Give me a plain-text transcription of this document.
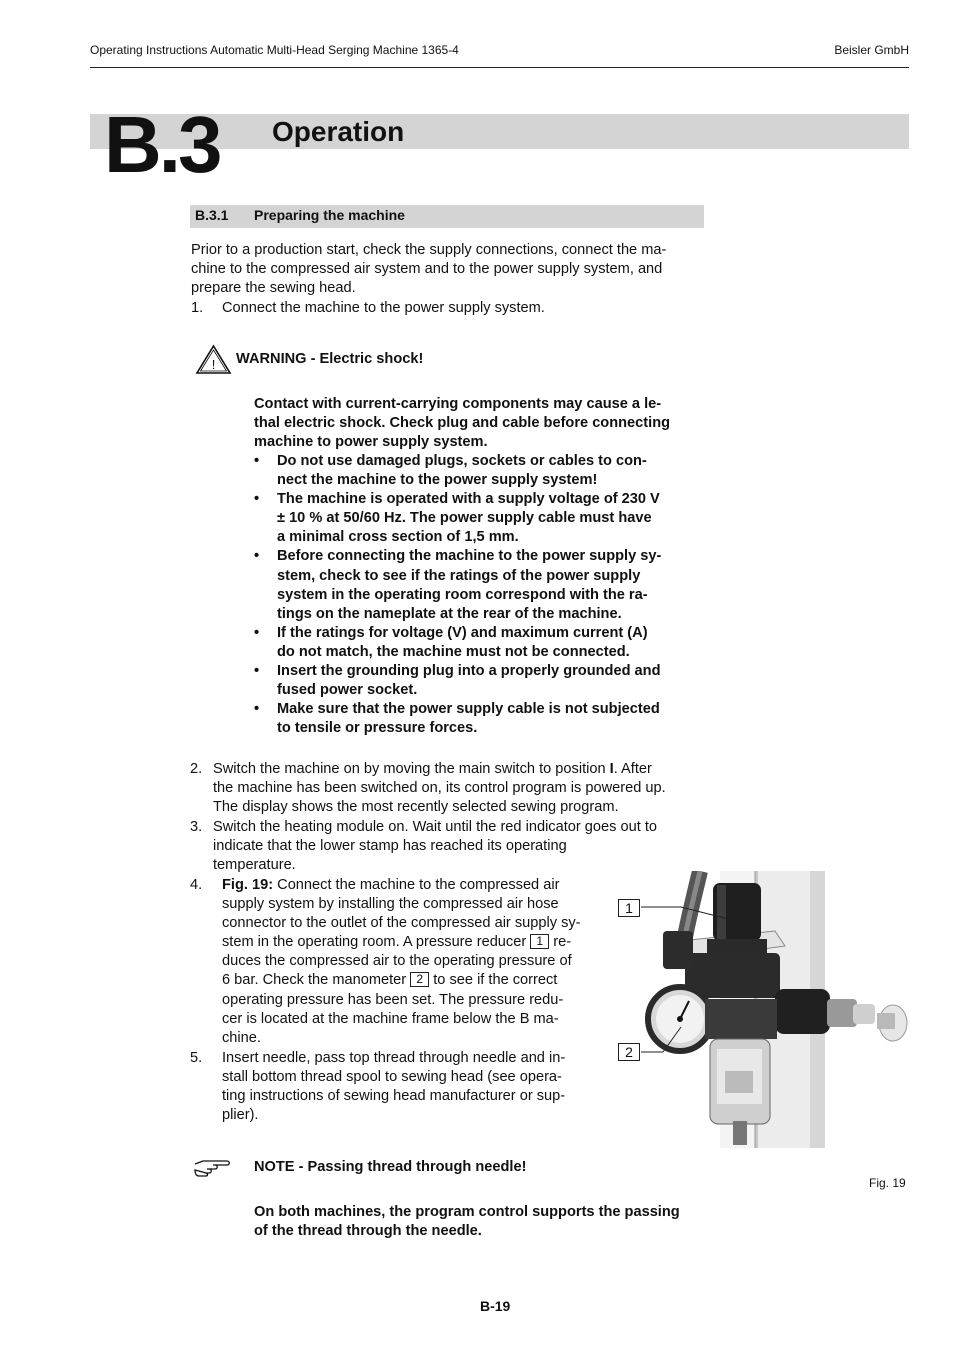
Operating Instructions Automatic Multi-Head Serging Machine 1365-4	Beisler GmbH
B.3 Operation
B.3.1 Preparing the machine
Prior to a production start, check the supply connections, connect the ma-
chine to the compressed air system and to the power supply system, and
prepare the sewing head.
1. Connect the machine to the power supply system.
! WARNING - Electric shock!
Contact with current-carrying components may cause a le-
thal electric shock. Check plug and cable before connecting
machine to power supply system.
• Do not use damaged plugs, sockets or cables to con-
nect the machine to the power supply system!
• The machine is operated with a supply voltage of 230 V
± 10 % at 50/60 Hz. The power supply cable must have
a minimal cross section of 1,5 mm.
• Before connecting the machine to the power supply sy-
stem, check to see if the ratings of the power supply
system in the operating room correspond with the ra-
tings on the nameplate at the rear of the machine.
• If the ratings for voltage (V) and maximum current (A)
do not match, the machine must not be connected.
• Insert the grounding plug into a properly grounded and
fused power socket.
• Make sure that the power supply cable is not subjected
to tensile or pressure forces.
2. Switch the machine on by moving the main switch to position I. After
the machine has been switched on, its control program is powered up.
The display shows the most recently selected sewing program.
3. Switch the heating module on. Wait until the red indicator goes out to
indicate that the lower stamp has reached its operating
temperature.
4. Fig. 19: Connect the machine to the compressed air
supply system by installing the compressed air hose
connector to the outlet of the compressed air supply sy-
stem in the operating room. A pressure reducer 1 re-
duces the compressed air to the operating pressure of
6 bar. Check the manometer 2 to see if the correct
operating pressure has been set. The pressure redu-
cer is located at the machine frame below the B ma-
chine.
5. Insert needle, pass top thread through needle and in-
stall bottom thread spool to sewing head (see opera-
ting instructions of sewing head manufacturer or sup-
plier).
1
2
Fig. 19
NOTE - Passing thread through needle!
On both machines, the program control supports the passing
of the thread through the needle.
B-19
